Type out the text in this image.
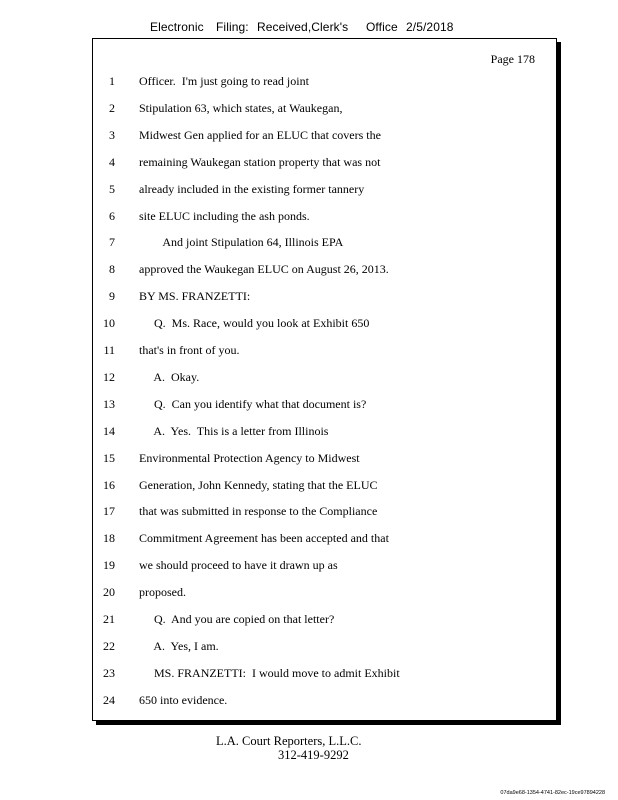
Electronic Filing: Received,Clerk's Office 2/5/2018
Page 178
1 Officer.  I'm just going to read joint
2 Stipulation 63, which states, at Waukegan,
3 Midwest Gen applied for an ELUC that covers the
4 remaining Waukegan station property that was not
5 already included in the existing former tannery
6 site ELUC including the ash ponds.
7 And joint Stipulation 64, Illinois EPA
8 approved the Waukegan ELUC on August 26, 2013.
9 BY MS. FRANZETTI:
10 Q.  Ms. Race, would you look at Exhibit 650
11 that's in front of you.
12 A.  Okay.
13 Q.  Can you identify what that document is?
14 A.  Yes.  This is a letter from Illinois
15 Environmental Protection Agency to Midwest
16 Generation, John Kennedy, stating that the ELUC
17 that was submitted in response to the Compliance
18 Commitment Agreement has been accepted and that
19 we should proceed to have it drawn up as
20 proposed.
21 Q.  And you are copied on that letter?
22 A.  Yes, I am.
23 MS. FRANZETTI:  I would move to admit Exhibit
24 650 into evidence.
L.A. Court Reporters, L.L.C.
312-419-9292
07da9e68-1354-4741-82ec-19ce97894228
